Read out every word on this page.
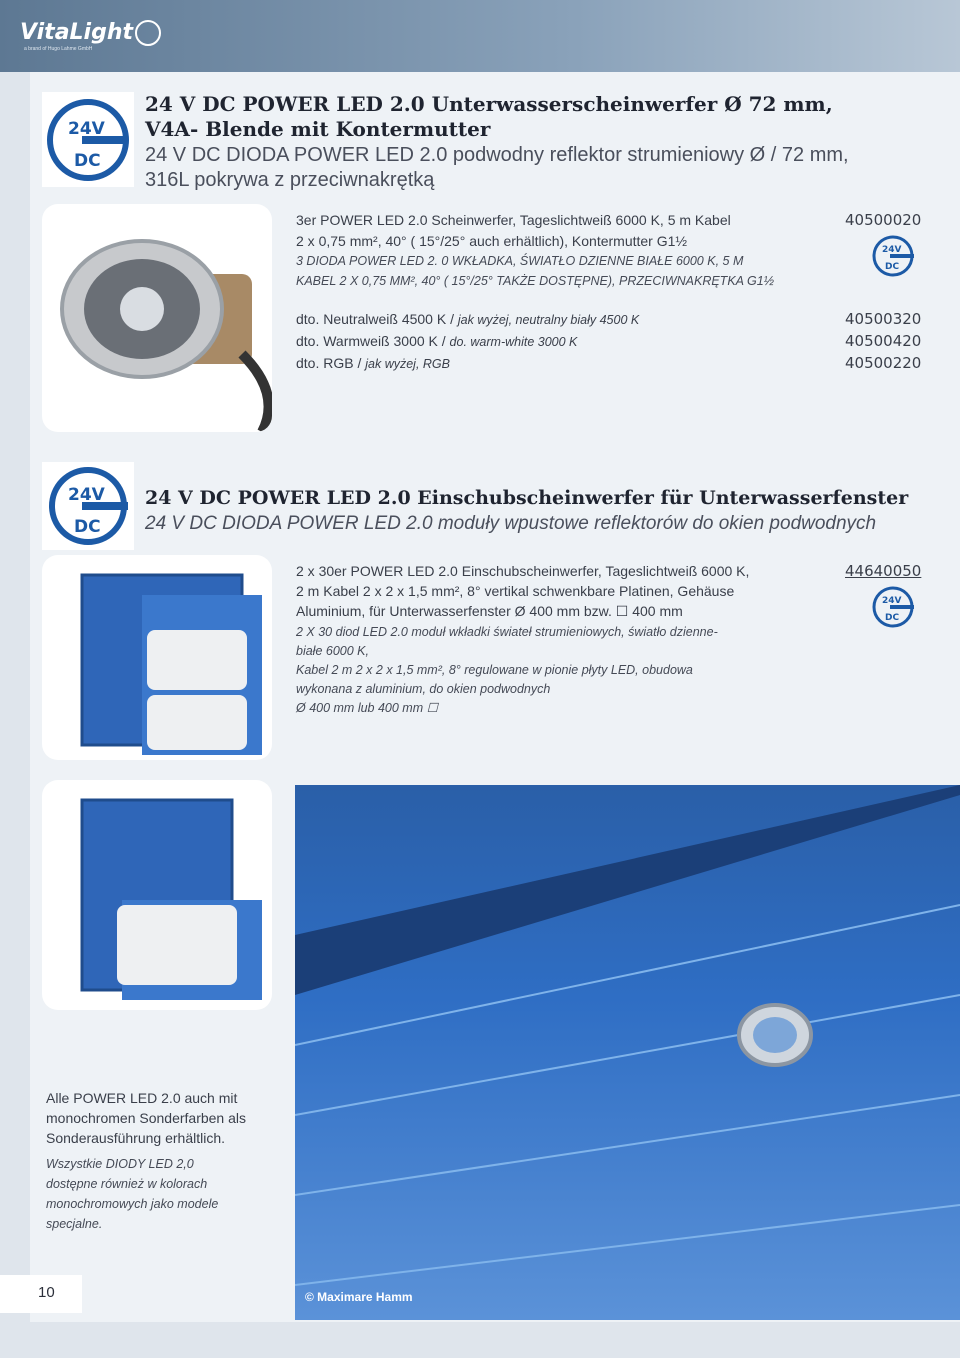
VitaLight
a brand of Hugo Lahme GmbH
24V
DC
24 V DC POWER LED 2.0 Unterwasserscheinwerfer Ø 72 mm,
V4A- Blende mit Kontermutter
24 V DC DIODA POWER LED 2.0 podwodny reflektor strumieniowy Ø / 72 mm,
316L pokrywa z przeciwnakrętką
3er POWER LED 2.0 Scheinwerfer, Tageslichtweiß 6000 K, 5 m Kabel
2 x 0,75 mm², 40° ( 15°/25° auch erhältlich), Kontermutter G1½
3 DIODA POWER LED 2. 0 WKŁADKA, ŚWIATŁO DZIENNE BIAŁE 6000 K, 5 M
KABEL 2 X 0,75 MM², 40° ( 15°/25° TAKŻE DOSTĘPNE), PRZECIWNAKRĘTKA G1½
40500020
24V
DC
dto. Neutralweiß 4500 K / jak wyżej, neutralny biały 4500 K	40500320
dto. Warmweiß 3000 K / do. warm-white 3000 K	40500420
dto. RGB / jak wyżej, RGB	40500220
24V
DC
24 V DC POWER LED 2.0 Einschubscheinwerfer für Unterwasserfenster
24 V DC DIODA POWER LED 2.0 moduły wpustowe reflektorów do okien podwodnych
2 x 30er POWER LED 2.0 Einschubscheinwerfer, Tageslichtweiß 6000 K,
2 m Kabel 2 x 2 x 1,5 mm², 8° vertikal schwenkbare Platinen, Gehäuse
Aluminium, für Unterwasserfenster Ø 400 mm bzw. ☐ 400 mm
2 X 30 diod LED 2.0 moduł wkładki świateł strumieniowych, światło dzienne-
białe 6000 K,
Kabel 2 m 2 x 2 x 1,5 mm², 8° regulowane w pionie płyty LED, obudowa
wykonana z aluminium, do okien podwodnych
Ø 400 mm lub 400 mm ☐
44640050
24V
DC
© Maximare Hamm
Alle POWER LED 2.0 auch mit monochromen Sonderfarben als Sonderausführung erhältlich.
Wszystkie DIODY LED 2,0 dostępne również w kolorach monochromowych jako modele specjalne.
10
